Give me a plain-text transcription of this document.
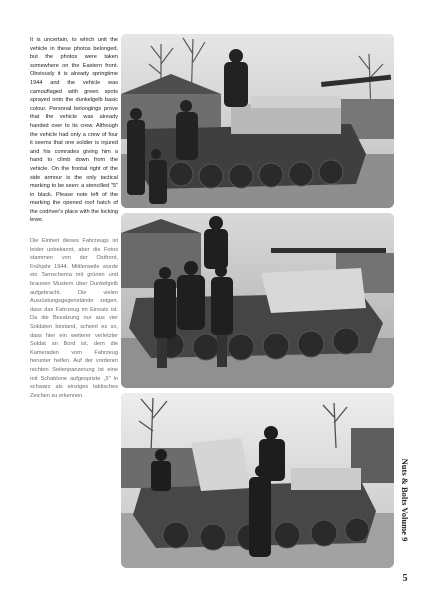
It is uncertain, to which unit the vehicle in these photos belonged, but the photos were taken somewhere on the Eastern front. Obviously it is already springtime 1944 and the vehicle was camouflaged with green spots sprayed onto the dunkelgelb basic colour. Personal belongings prove that the vehicle was already handed over to its crew. Although the vehicle had only a crew of four it seems that one soldier is injured and his comrades giving him a hand to climb down from the vehicle. On the frontal right of the side armour is the only tactical marking to be seen: a stencilled "5" in black. Please note left of the marking the opened roof hatch of the codriver's place with the locking lever.
Die Einheit dieses Fahrzeugs ist leider unbekannt, aber die Fotos stammen von der Ostfront, Frühjahr 1944. Mittlerweile wurde ein Tarnschema mit grünen und braunen Mustern über Dunkelgelb aufgebracht. Die vielen Ausrüstungsgegenstände zeigen, dass das Fahrzeug im Einsatz ist. Da die Besatzung nur aus vier Soldaten bestand, scheint es so, dass hier ein weiterer verletzter Soldat an Bord ist, dem die Kameraden vom Fahrzeug herunter helfen. Auf der vorderen rechten Seitenpanzerung ist eine mit Schablone aufgesprizte „5" in schwarz als einziges taktisches Zeichen zu erkennen.
Nuts & Bolts Volume 9
5
